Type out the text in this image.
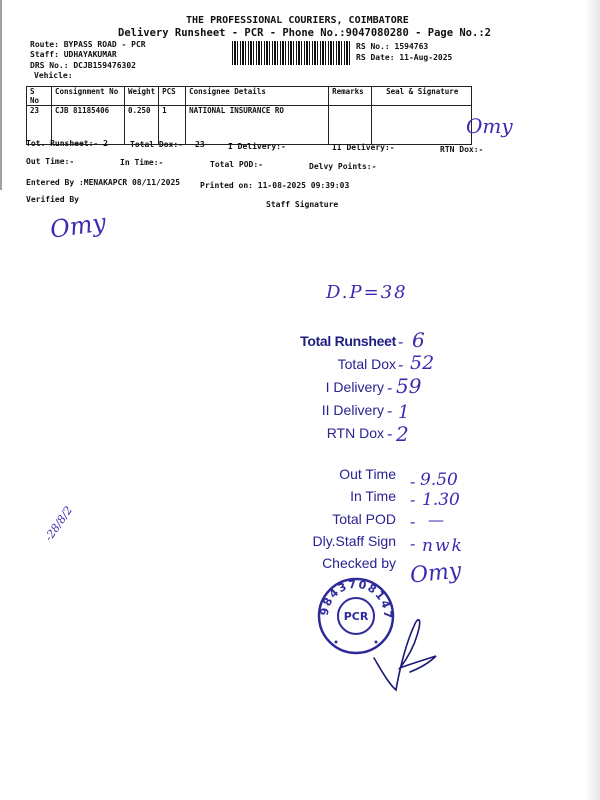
THE PROFESSIONAL COURIERS, COIMBATORE
Delivery Runsheet - PCR - Phone No.:9047080280 - Page No.:2
Route: BYPASS ROAD - PCR
Staff: UDHAYAKUMAR
DRS No.: DCJB159476302
Vehicle:
RS No.: 1594763
RS Date: 11-Aug-2025
S No	Consignment No	Weight	PCS	Consignee Details	Remarks	Seal & Signature
23	CJB 81185406	0.250	1	NATIONAL INSURANCE RO		
Omy
Tot. Runsheet:- 2	Total Dox:- 23	I Delivery:-	II Delivery:-	RTN Dox:-
Out Time:-	In Time:-	Total POD:-	Delvy Points:-
Entered By :MENAKAPCR 08/11/2025 Printed on: 11-08-2025 09:39:03
Verified By
Staff Signature
Omy
D.P=38
Total Runsheet - 6
Total Dox - 52
I Delivery - 59
II Delivery - 1
RTN Dox - 2
Out Time - 9.50
In Time - 1.30
Total POD - —
Dly.Staff Sign - nwk
Checked by Omy
-28/8/2
9843708147
PCR
